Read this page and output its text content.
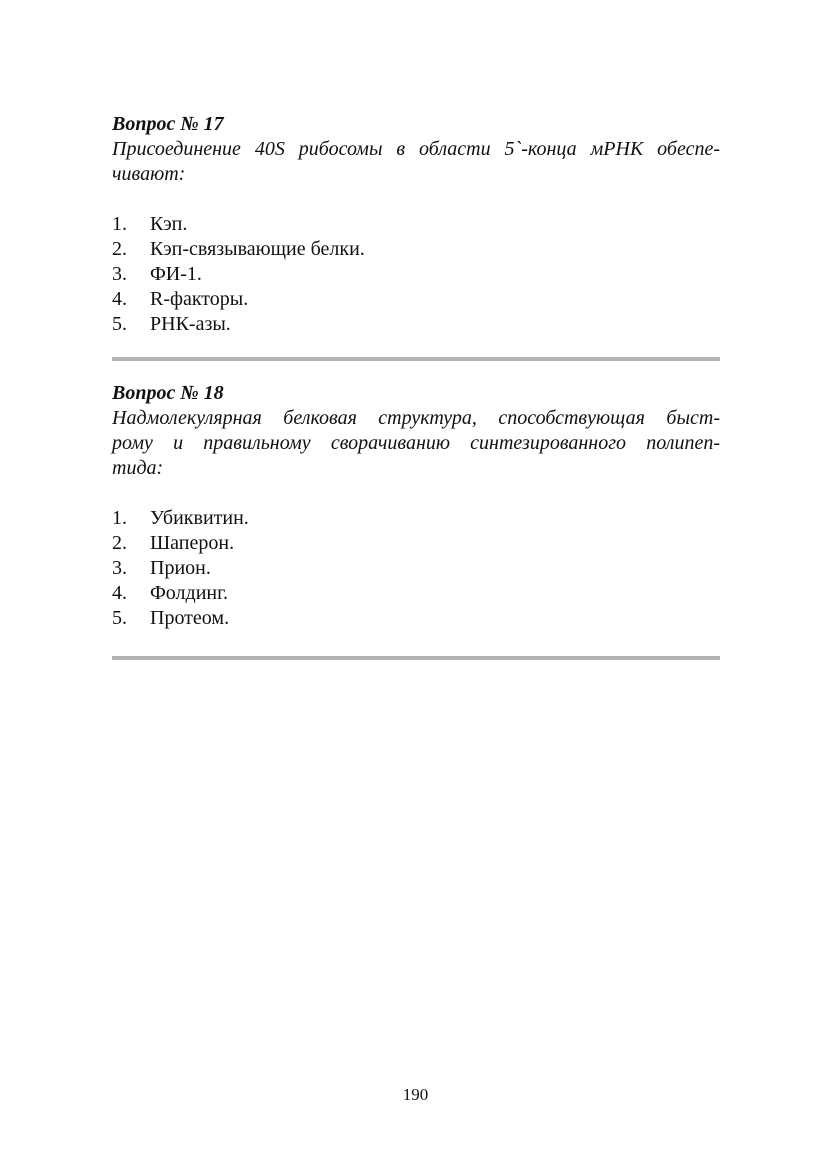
Вопрос № 17

Присоединение 40S рибосомы в области 5`-конца мРНК обеспе-
чивают:
1.	Кэп.
2.	Кэп-связывающие белки.
3.	ФИ-1.
4.	R-факторы.
5.	РНК-азы.

Вопрос № 18

Надмолекулярная белковая структура, способствующая быст-
рому и правильному сворачиванию синтезированного полипеп-
тида:
1.	Убиквитин.
2.	Шаперон.
3.	Прион.
4.	Фолдинг.
5.	Протеом.
190
